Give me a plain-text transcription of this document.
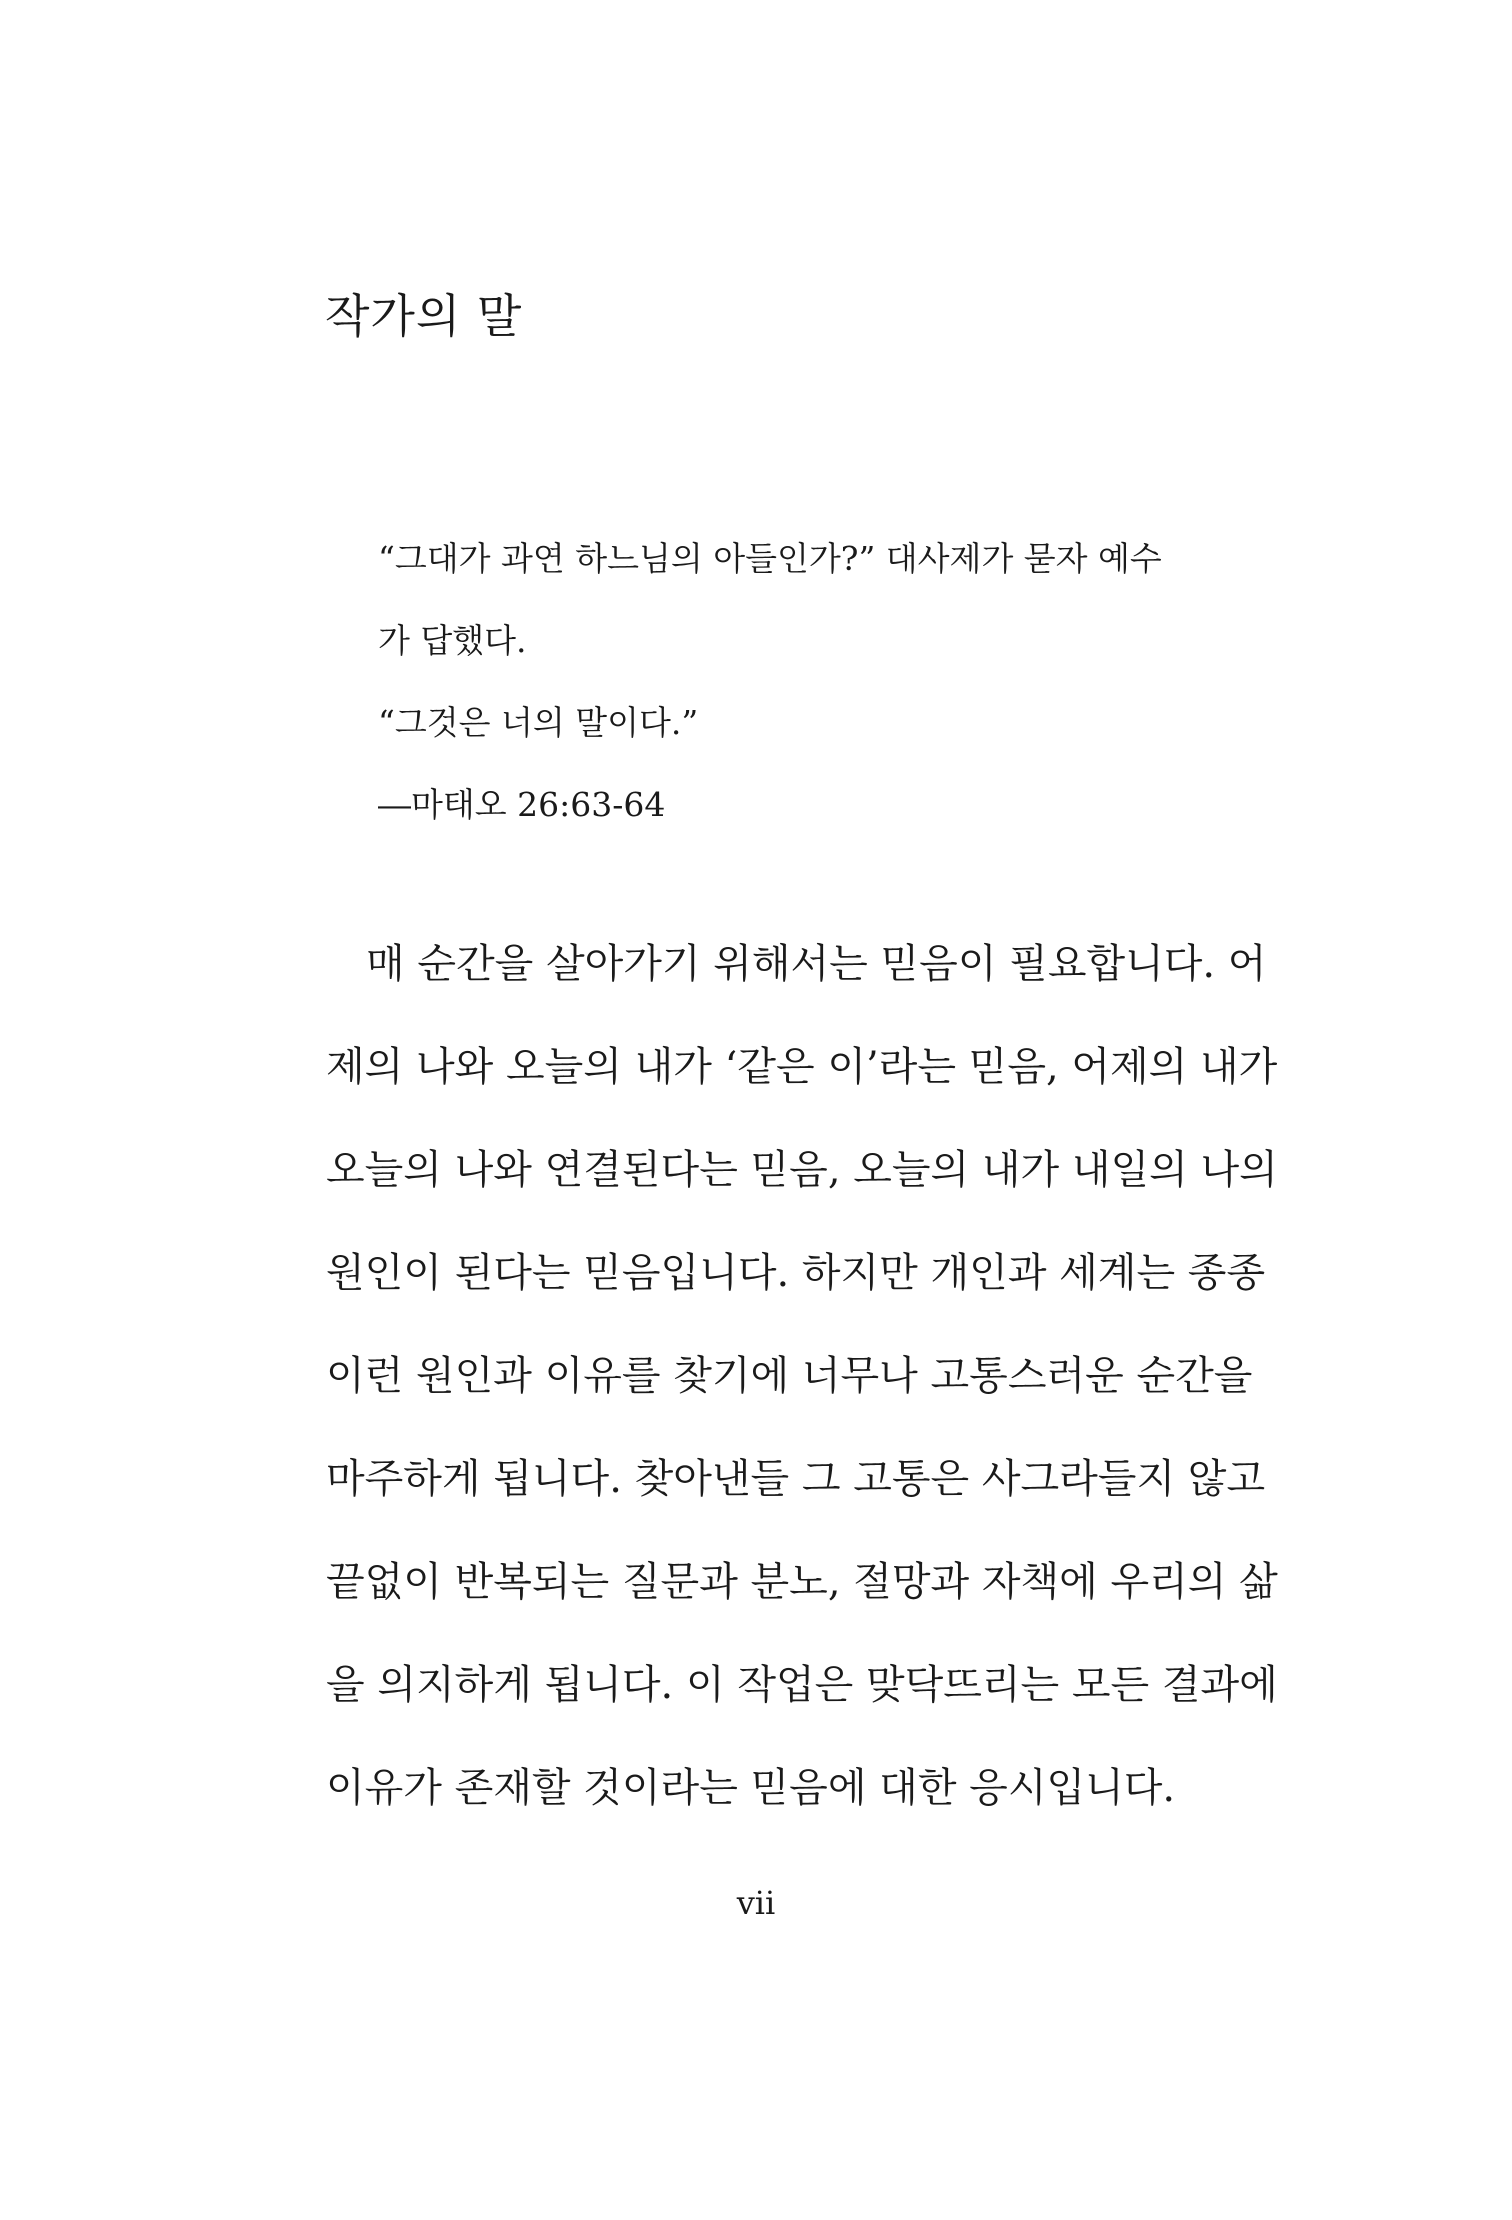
작가의 말

“그대가 과연 하느님의 아들인가?” 대사제가 묻자 예수

가 답했다.

“그것은 너의 말이다.”

―마태오 26:63-64

　매 순간을 살아가기 위해서는 믿음이 필요합니다. 어
제의 나와 오늘의 내가 ‘같은 이’라는 믿음, 어제의 내가
오늘의 나와 연결된다는 믿음, 오늘의 내가 내일의 나의
원인이 된다는 믿음입니다. 하지만 개인과 세계는 종종
이런 원인과 이유를 찾기에 너무나 고통스러운 순간을
마주하게 됩니다. 찾아낸들 그 고통은 사그라들지 않고
끝없이 반복되는 질문과 분노, 절망과 자책에 우리의 삶
을 의지하게 됩니다. 이 작업은 맞닥뜨리는 모든 결과에
이유가 존재할 것이라는 믿음에 대한 응시입니다.
vii
